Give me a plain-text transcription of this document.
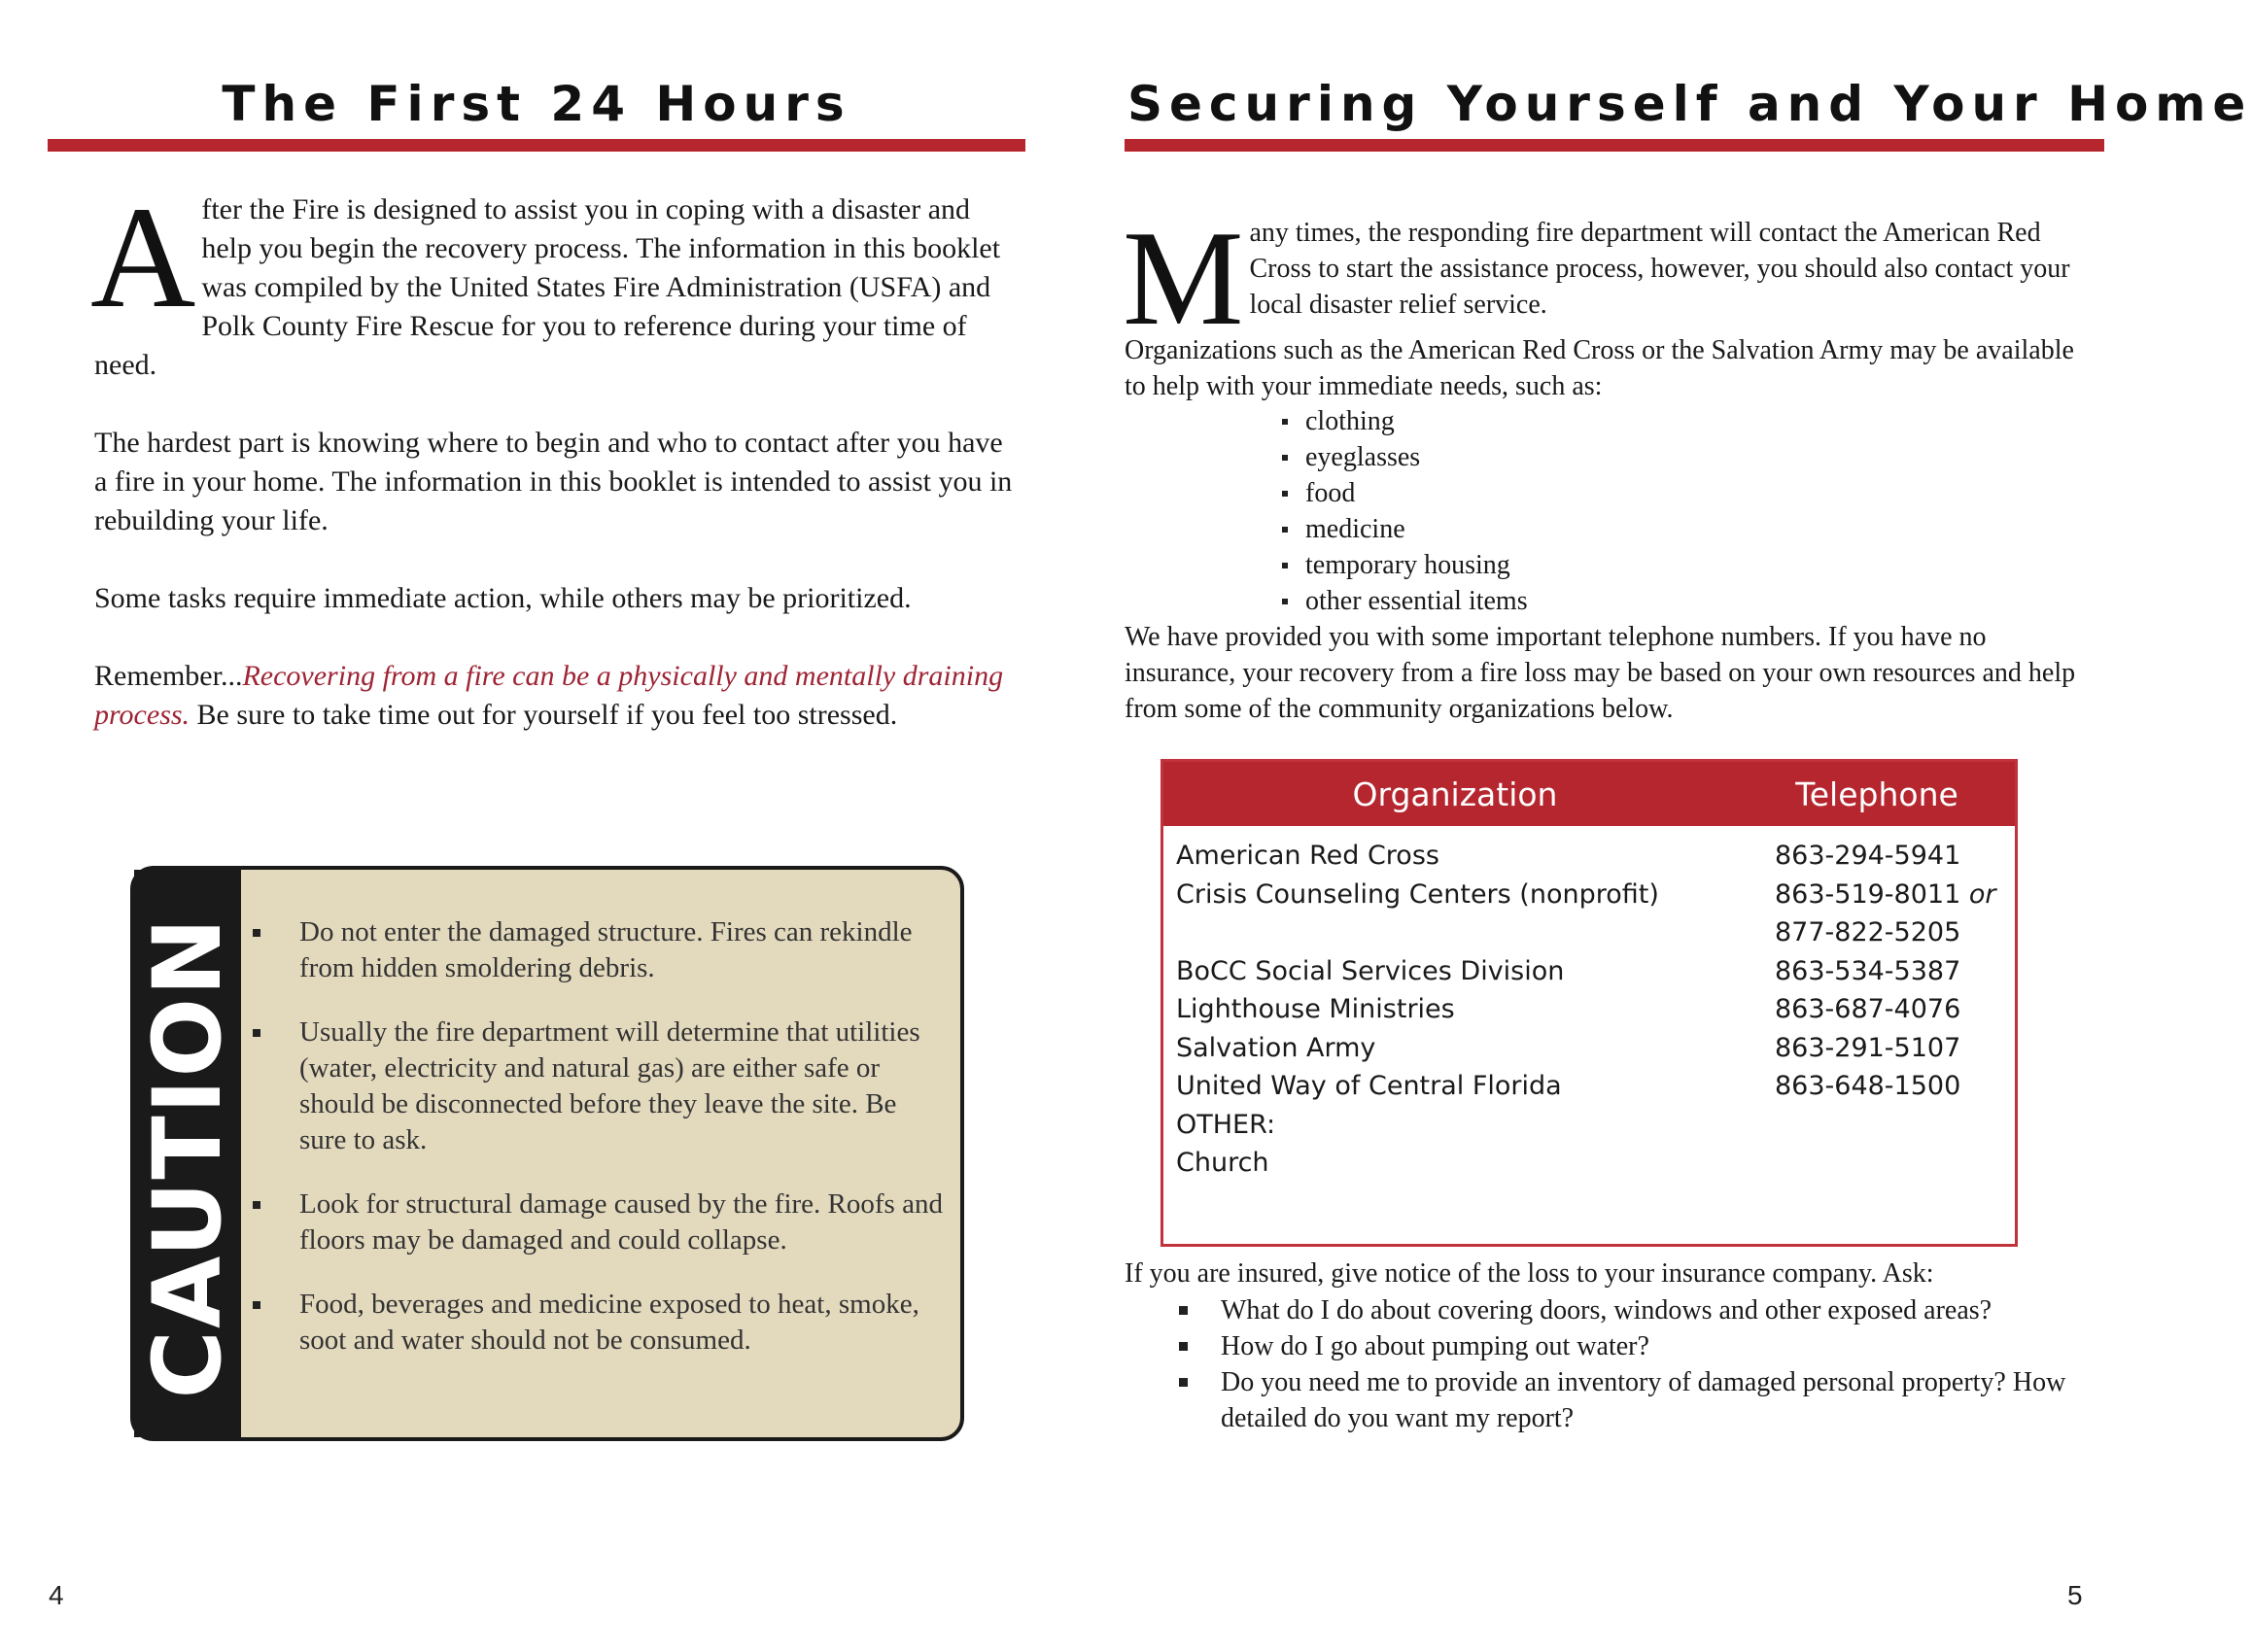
The First 24 Hours

After the Fire is designed to assist you in coping with a disaster and help you begin the recovery process. The information in this booklet was compiled by the United States Fire Administration (USFA) and Polk County Fire Rescue for you to reference during your time of need.

The hardest part is knowing where to begin and who to contact after you have a fire in your home. The information in this booklet is intended to assist you in rebuilding your life.

Some tasks require immediate action, while others may be prioritized.

Remember...Recovering from a fire can be a physically and mentally draining process. Be sure to take time out for yourself if you feel too stressed.

CAUTION	Do not enter the damaged structure. Fires can rekindle from hidden smoldering debris.
Usually the fire department will determine that utilities (water, electricity and natural gas) are either safe or should be disconnected before they leave the site. Be sure to ask.
Look for structural damage caused by the fire. Roofs and floors may be damaged and could collapse.
Food, beverages and medicine exposed to heat, smoke, soot and water should not be consumed.
4
Securing Yourself and Your Home

Many times, the responding fire department will contact the American Red Cross to start the assistance process, however, you should also contact your local disaster relief service.

Organizations such as the American Red Cross or the Salvation Army may be available to help with your immediate needs, such as:

clothing
eyeglasses
food
medicine
temporary housing
other essential items

We have provided you with some important telephone numbers. If you have no insurance, your recovery from a fire loss may be based on your own resources and help from some of the community organizations below.

Organization	Telephone
American Red Cross	863-294-5941
Crisis Counseling Centers (nonprofit)	863-519-8011 or
877-822-5205
BoCC Social Services Division	863-534-5387
Lighthouse Ministries	863-687-4076
Salvation Army	863-291-5107
United Way of Central Florida	863-648-1500
OTHER:
Church

If you are insured, give notice of the loss to your insurance company. Ask:

What do I do about covering doors, windows and other exposed areas?
How do I go about pumping out water?
Do you need me to provide an inventory of damaged personal property? How detailed do you want my report?
5
